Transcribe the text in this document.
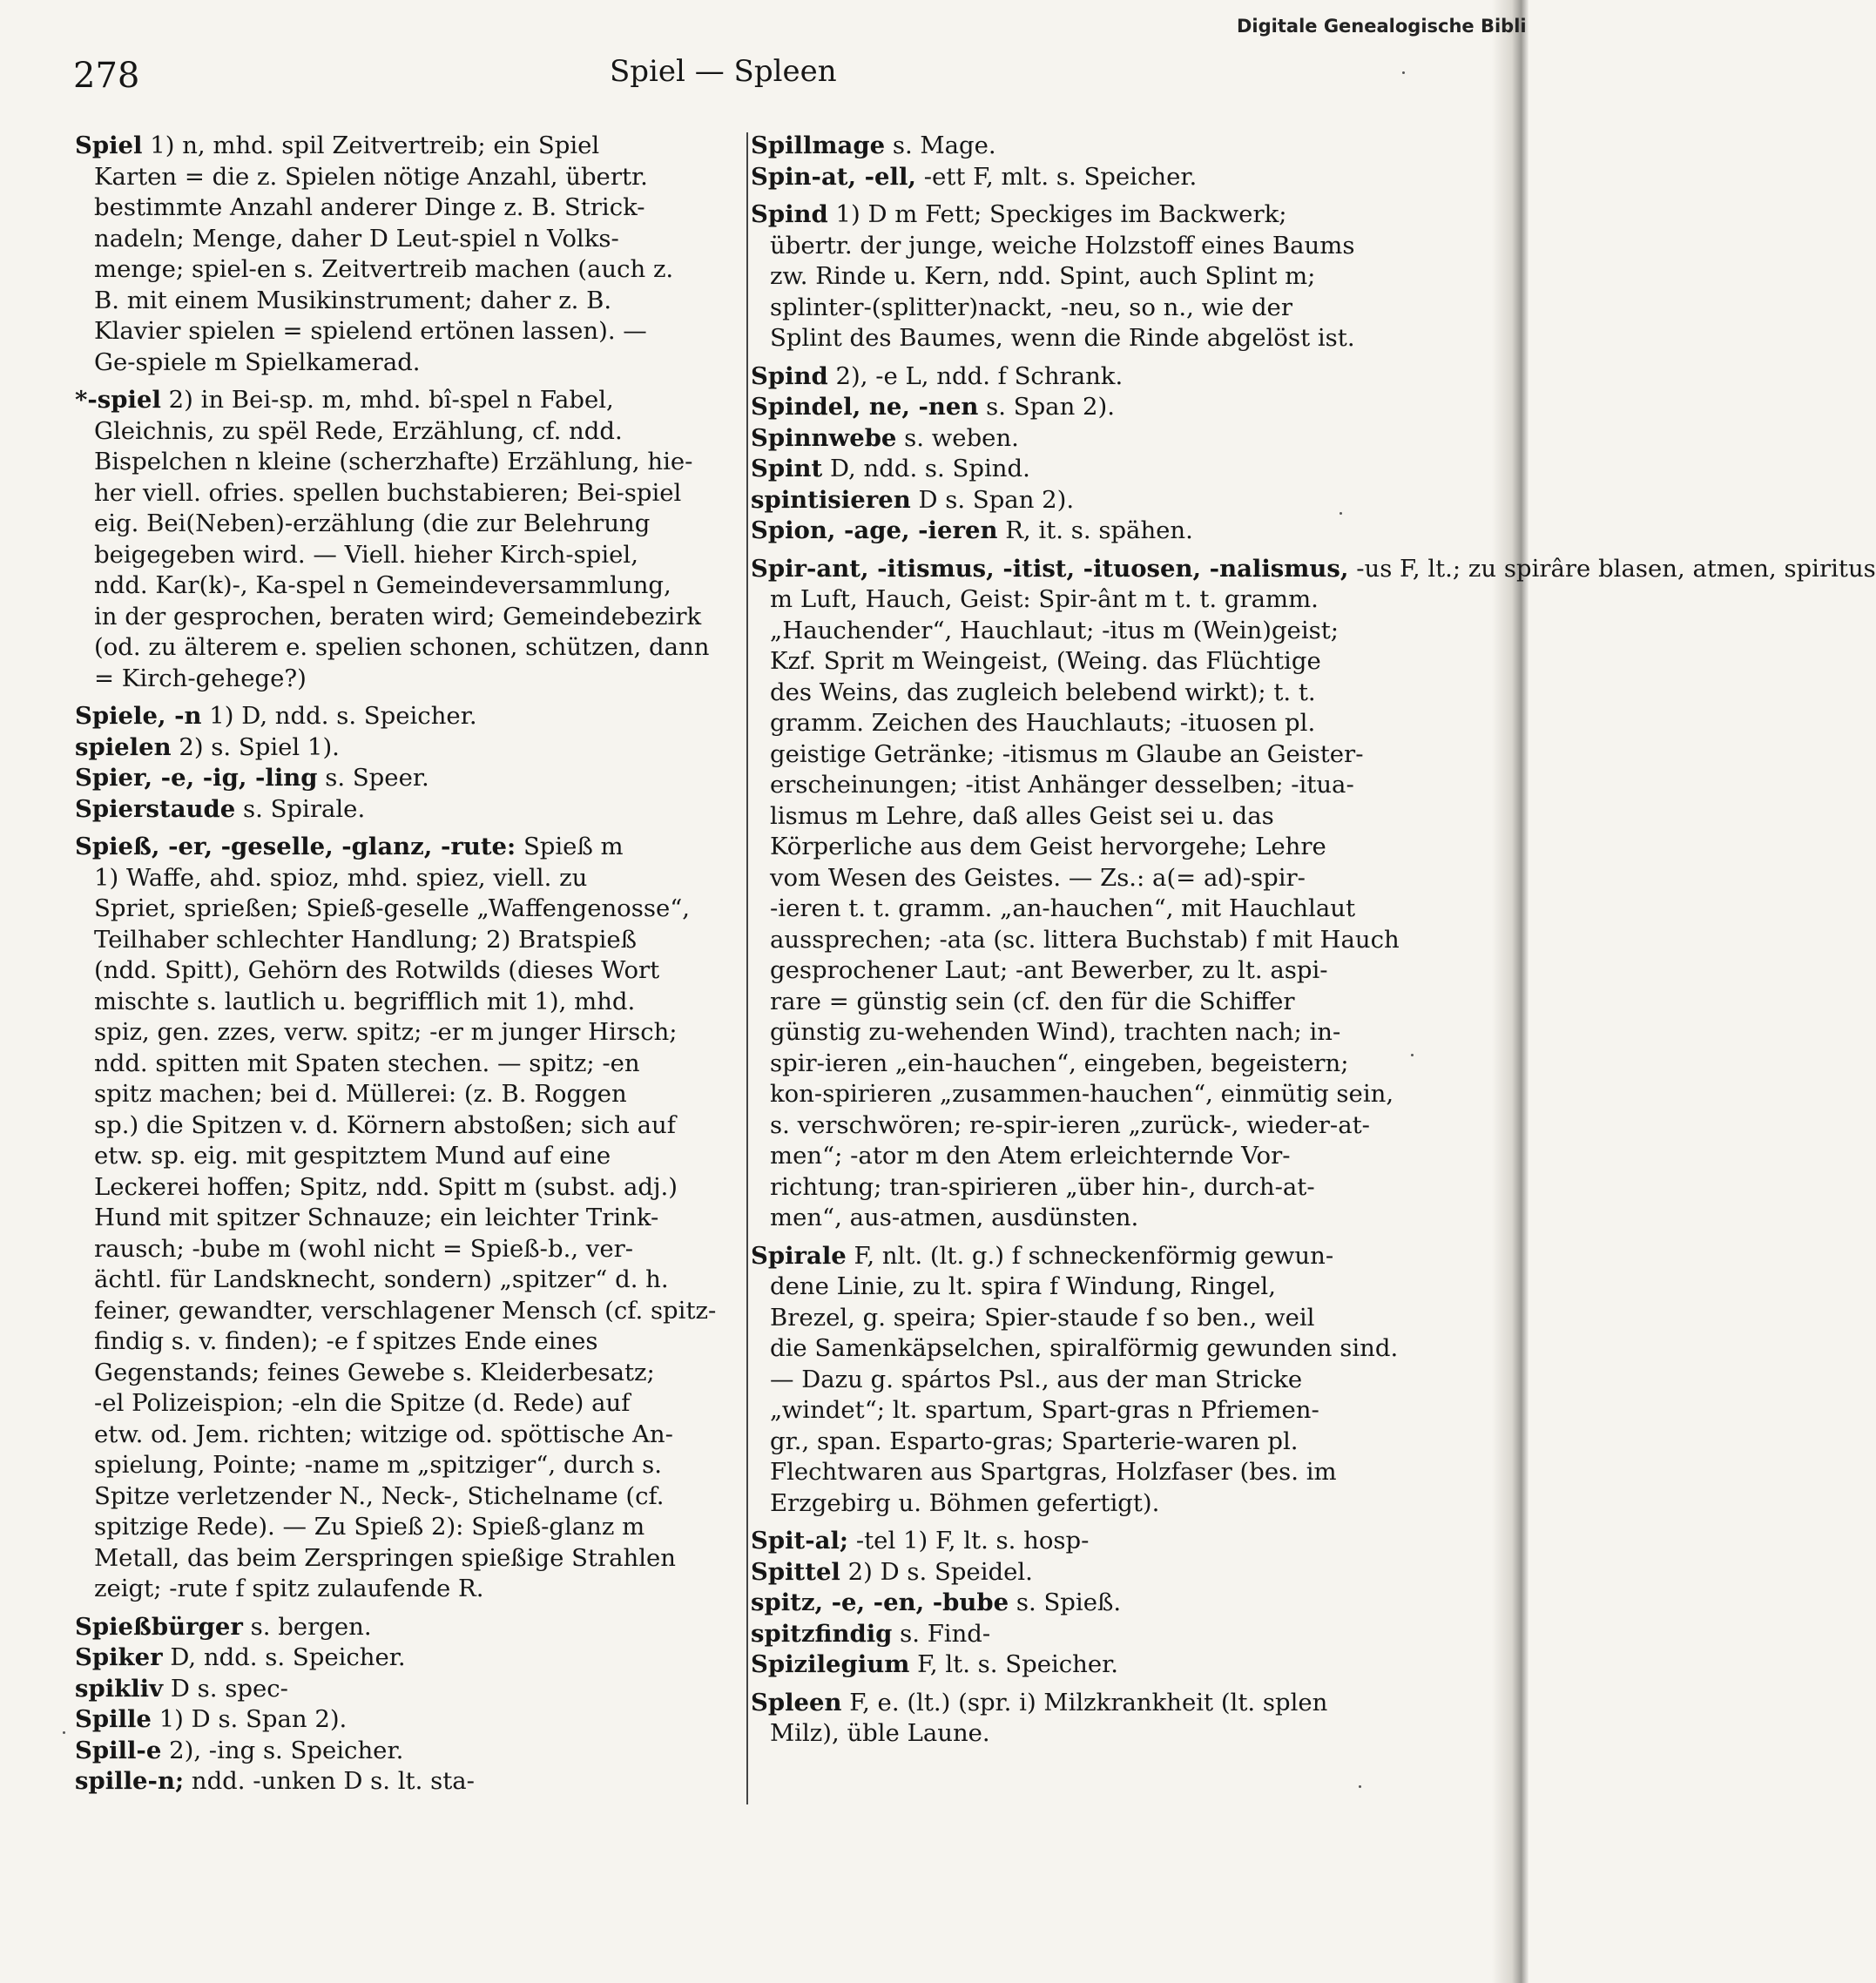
Digitale Genealogische Bibli
278	Spiel — Spleen
Spiel 1) n, mhd. spil Zeitvertreib; ein Spiel
Karten = die z. Spielen nötige Anzahl, übertr.
bestimmte Anzahl anderer Dinge z. B. Strick-
nadeln; Menge, daher D Leut-spiel n Volks-
menge; spiel-en s. Zeitvertreib machen (auch z.
B. mit einem Musikinstrument; daher z. B.
Klavier spielen = spielend ertönen lassen). —
Ge-spiele m Spielkamerad.
*-spiel 2) in Bei-sp. m, mhd. bî-spel n Fabel,
Gleichnis, zu spël Rede, Erzählung, cf. ndd.
Bispelchen n kleine (scherzhafte) Erzählung, hie-
her viell. ofries. spellen buchstabieren; Bei-spiel
eig. Bei(Neben)-erzählung (die zur Belehrung
beigegeben wird. — Viell. hieher Kirch-spiel,
ndd. Kar(k)-, Ka-spel n Gemeindeversammlung,
in der gesprochen, beraten wird; Gemeindebezirk
(od. zu älterem e. spelien schonen, schützen, dann
= Kirch-gehege?)
Spiele, -n 1) D, ndd. s. Speicher.
spielen 2) s. Spiel 1).
Spier, -e, -ig, -ling s. Speer.
Spierstaude s. Spirale.
Spieß, -er, -geselle, -glanz, -rute: Spieß m
1) Waffe, ahd. spioz, mhd. spiez, viell. zu
Spriet, sprießen; Spieß-geselle „Waffengenosse“,
Teilhaber schlechter Handlung; 2) Bratspieß
(ndd. Spitt), Gehörn des Rotwilds (dieses Wort
mischte s. lautlich u. begrifflich mit 1), mhd.
spiz, gen. zzes, verw. spitz; -er m junger Hirsch;
ndd. spitten mit Spaten stechen. — spitz; -en
spitz machen; bei d. Müllerei: (z. B. Roggen
sp.) die Spitzen v. d. Körnern abstoßen; sich auf
etw. sp. eig. mit gespitztem Mund auf eine
Leckerei hoffen; Spitz, ndd. Spitt m (subst. adj.)
Hund mit spitzer Schnauze; ein leichter Trink-
rausch; -bube m (wohl nicht = Spieß-b., ver-
ächtl. für Landsknecht, sondern) „spitzer“ d. h.
feiner, gewandter, verschlagener Mensch (cf. spitz-
findig s. v. finden); -e f spitzes Ende eines
Gegenstands; feines Gewebe s. Kleiderbesatz;
-el Polizeispion; -eln die Spitze (d. Rede) auf
etw. od. Jem. richten; witzige od. spöttische An-
spielung, Pointe; -name m „spitziger“, durch s.
Spitze verletzender N., Neck-, Stichelname (cf.
spitzige Rede). — Zu Spieß 2): Spieß-glanz m
Metall, das beim Zerspringen spießige Strahlen
zeigt; -rute f spitz zulaufende R.
Spießbürger s. bergen.
Spiker D, ndd. s. Speicher.
spikliv D s. spec-
Spille 1) D s. Span 2).
Spill-e 2), -ing s. Speicher.
spille-n; ndd. -unken D s. lt. sta-
Spillmage s. Mage.
Spin-at, -ell, -ett F, mlt. s. Speicher.
Spind 1) D m Fett; Speckiges im Backwerk;
übertr. der junge, weiche Holzstoff eines Baums
zw. Rinde u. Kern, ndd. Spint, auch Splint m;
splinter-(splitter)nackt, -neu, so n., wie der
Splint des Baumes, wenn die Rinde abgelöst ist.
Spind 2), -e L, ndd. f Schrank.
Spindel, ne, -nen s. Span 2).
Spinnwebe s. weben.
Spint D, ndd. s. Spind.
spintisieren D s. Span 2).
Spion, -age, -ieren R, it. s. spähen.
Spir-ant, -itismus, -itist, -ituosen, -nalismus, -us F, lt.; zu spirâre blasen, atmen, spiritus
m Luft, Hauch, Geist: Spir-ânt m t. t. gramm.
„Hauchender“, Hauchlaut; -itus m (Wein)geist;
Kzf. Sprit m Weingeist, (Weing. das Flüchtige
des Weins, das zugleich belebend wirkt); t. t.
gramm. Zeichen des Hauchlauts; -ituosen pl.
geistige Getränke; -itismus m Glaube an Geister-
erscheinungen; -itist Anhänger desselben; -itua-
lismus m Lehre, daß alles Geist sei u. das
Körperliche aus dem Geist hervorgehe; Lehre
vom Wesen des Geistes. — Zs.: a(= ad)-spir-
-ieren t. t. gramm. „an-hauchen“, mit Hauchlaut
aussprechen; -ata (sc. littera Buchstab) f mit Hauch
gesprochener Laut; -ant Bewerber, zu lt. aspi-
rare = günstig sein (cf. den für die Schiffer
günstig zu-wehenden Wind), trachten nach; in-
spir-ieren „ein-hauchen“, eingeben, begeistern;
kon-spirieren „zusammen-hauchen“, einmütig sein,
s. verschwören; re-spir-ieren „zurück-, wieder-at-
men“; -ator m den Atem erleichternde Vor-
richtung; tran-spirieren „über hin-, durch-at-
men“, aus-atmen, ausdünsten.
Spirale F, nlt. (lt. g.) f schneckenförmig gewun-
dene Linie, zu lt. spira f Windung, Ringel,
Brezel, g. speira; Spier-staude f so ben., weil
die Samenkäpselchen, spiralförmig gewunden sind.
— Dazu g. spártos Psl., aus der man Stricke
„windet“; lt. spartum, Spart-gras n Pfriemen-
gr., span. Esparto-gras; Sparterie-waren pl.
Flechtwaren aus Spartgras, Holzfaser (bes. im
Erzgebirg u. Böhmen gefertigt).
Spit-al; -tel 1) F, lt. s. hosp-
Spittel 2) D s. Speidel.
spitz, -e, -en, -bube s. Spieß.
spitzfindig s. Find-
Spizilegium F, lt. s. Speicher.
Spleen F, e. (lt.) (spr. i) Milzkrankheit (lt. splen
Milz), üble Laune.
